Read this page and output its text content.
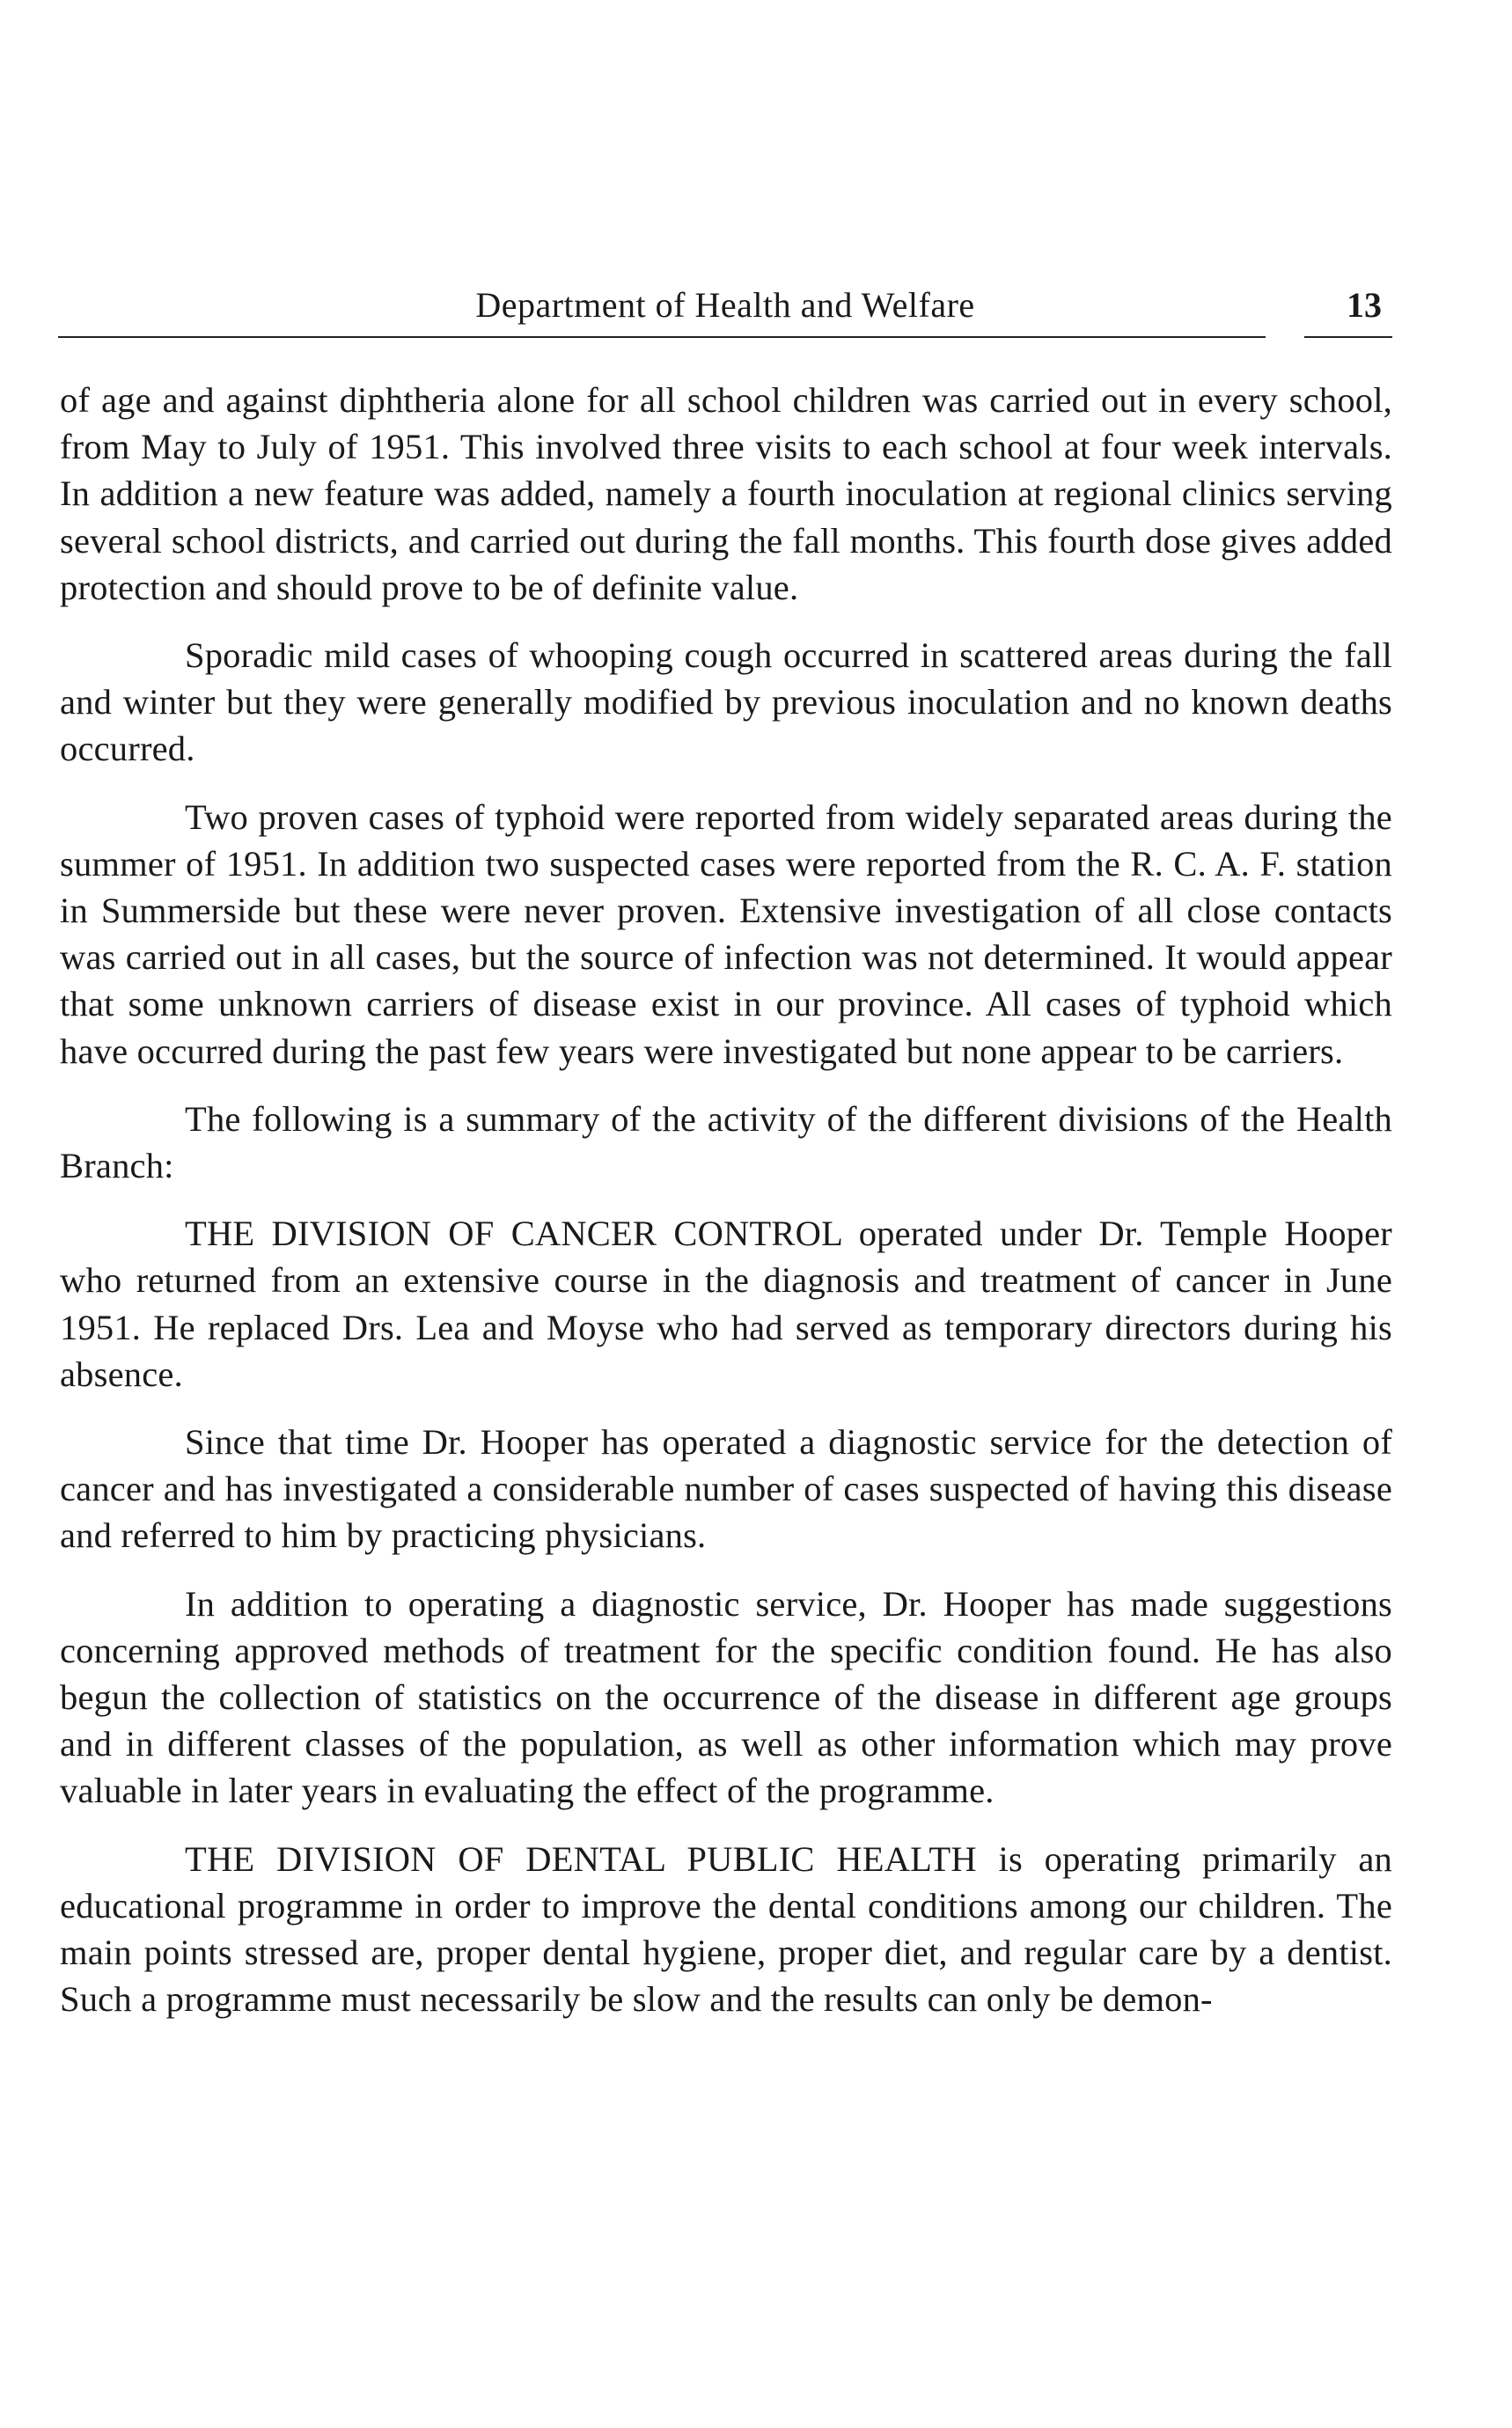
Department of Health and Welfare	13

of age and against diphtheria alone for all school children was carried out in every school, from May to July of 1951. This involved three visits to each school at four week intervals. In addition a new feature was added, namely a fourth inoculation at regional clinics serving several school districts, and carried out during the fall months. This fourth dose gives added protection and should prove to be of definite value.

Sporadic mild cases of whooping cough occurred in scattered areas during the fall and winter but they were generally modified by previous inoculation and no known deaths occurred.

Two proven cases of typhoid were reported from widely separated areas during the summer of 1951. In addition two suspected cases were reported from the R. C. A. F. station in Summerside but these were never proven. Extensive investigation of all close contacts was carried out in all cases, but the source of infection was not determined. It would appear that some unknown carriers of disease exist in our province. All cases of typhoid which have occurred during the past few years were investigated but none appear to be carriers.

The following is a summary of the activity of the different divisions of the Health Branch:

THE DIVISION OF CANCER CONTROL operated under Dr. Temple Hooper who returned from an extensive course in the diagnosis and treatment of cancer in June 1951. He replaced Drs. Lea and Moyse who had served as temporary directors during his absence.

Since that time Dr. Hooper has operated a diagnostic service for the detection of cancer and has investigated a considerable number of cases suspected of having this disease and referred to him by practicing physicians.

In addition to operating a diagnostic service, Dr. Hooper has made suggestions concerning approved methods of treatment for the specific condition found. He has also begun the collection of statistics on the occurrence of the disease in different age groups and in different classes of the population, as well as other information which may prove valuable in later years in evaluating the effect of the programme.

THE DIVISION OF DENTAL PUBLIC HEALTH is operating primarily an educational programme in order to improve the dental conditions among our children. The main points stressed are, proper dental hygiene, proper diet, and regular care by a dentist. Such a programme must necessarily be slow and the results can only be demon-
